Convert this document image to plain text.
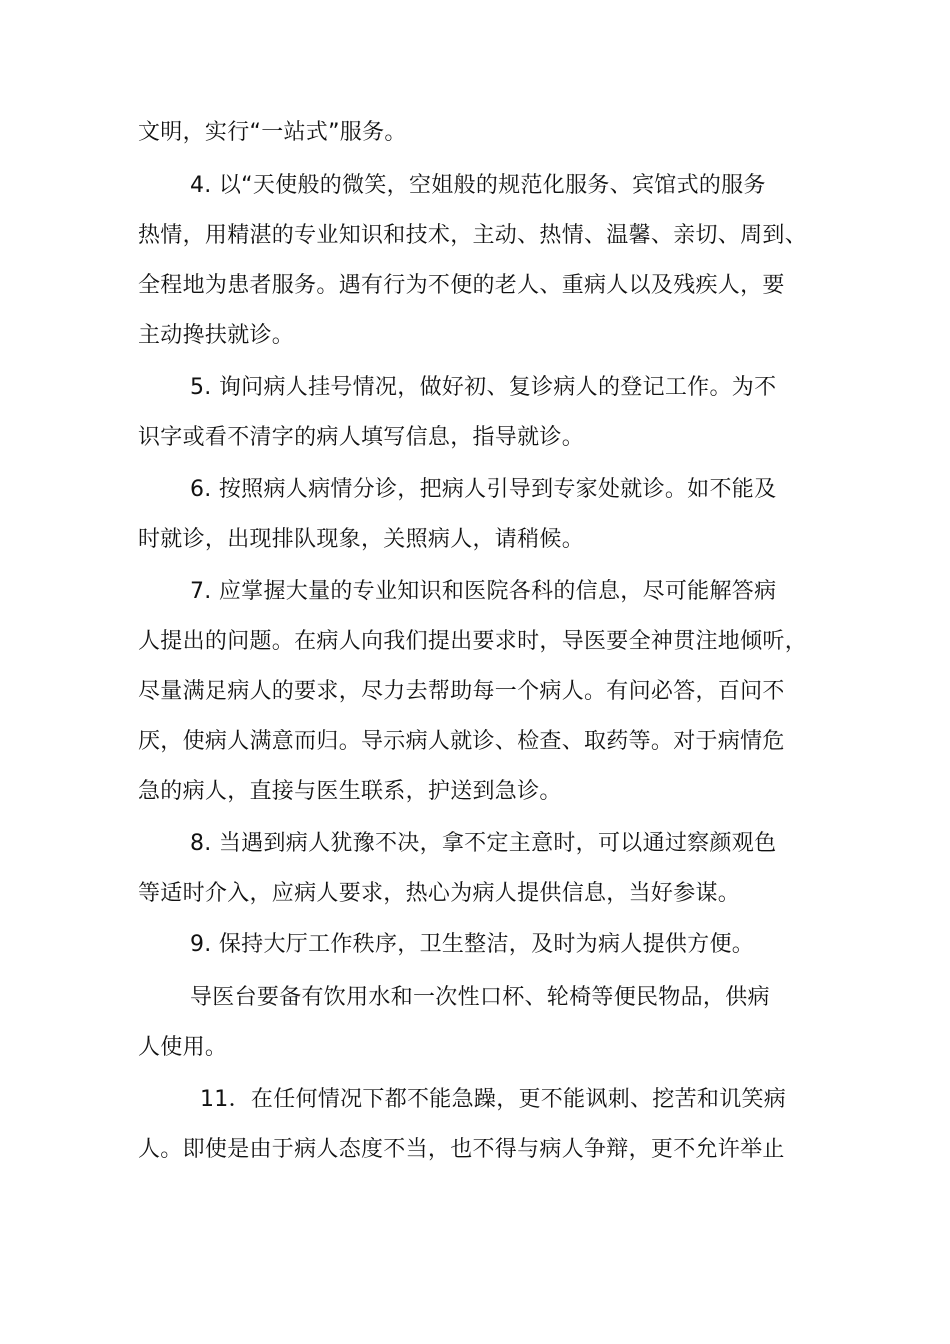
文明，实行“一站式”服务。
4. 以“天使般的微笑，空姐般的规范化服务、宾馆式的服务
热情，用精湛的专业知识和技术，主动、热情、温馨、亲切、周到、
全程地为患者服务。遇有行为不便的老人、重病人以及残疾人，要
主动搀扶就诊。
5. 询问病人挂号情况，做好初、复诊病人的登记工作。为不
识字或看不清字的病人填写信息，指导就诊。
6. 按照病人病情分诊，把病人引导到专家处就诊。如不能及
时就诊，出现排队现象，关照病人，请稍候。
7. 应掌握大量的专业知识和医院各科的信息，尽可能解答病
人提出的问题。在病人向我们提出要求时，导医要全神贯注地倾听，
尽量满足病人的要求，尽力去帮助每一个病人。有问必答，百问不
厌，使病人满意而归。导示病人就诊、检查、取药等。对于病情危
急的病人，直接与医生联系，护送到急诊。
8. 当遇到病人犹豫不决，拿不定主意时，可以通过察颜观色
等适时介入，应病人要求，热心为病人提供信息，当好参谋。
9. 保持大厅工作秩序，卫生整洁，及时为病人提供方便。
导医台要备有饮用水和一次性口杯、轮椅等便民物品，供病
人使用。
11．在任何情况下都不能急躁，更不能讽刺、挖苦和讥笑病
人。即使是由于病人态度不当，也不得与病人争辩，更不允许举止
